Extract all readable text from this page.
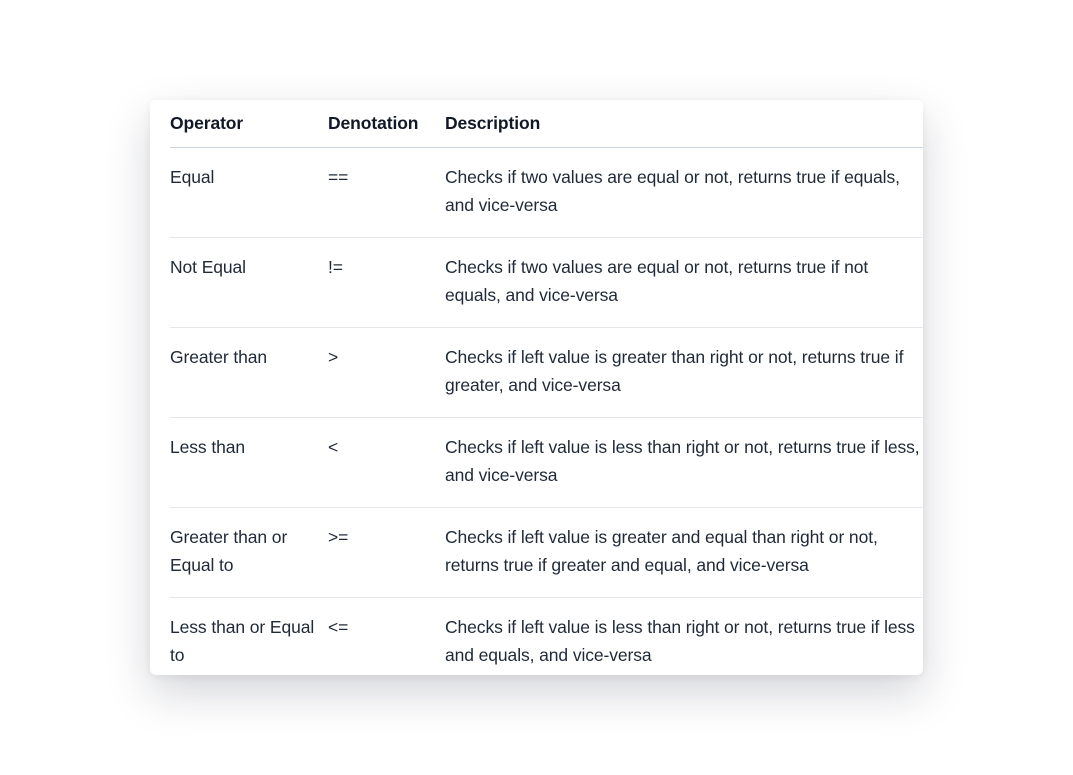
Operator	Denotation	Description
Equal	==	Checks if two values are equal or not, returns true if equals, and vice-versa
Not Equal	!=	Checks if two values are equal or not, returns true if not equals, and vice-versa
Greater than	>	Checks if left value is greater than right or not, returns true if greater, and vice-versa
Less than	<	Checks if left value is less than right or not, returns true if less, and vice-versa
Greater than or Equal to	>=	Checks if left value is greater and equal than right or not, returns true if greater and equal, and vice-versa
Less than or Equal to	<=	Checks if left value is less than right or not, returns true if less and equals, and vice-versa
